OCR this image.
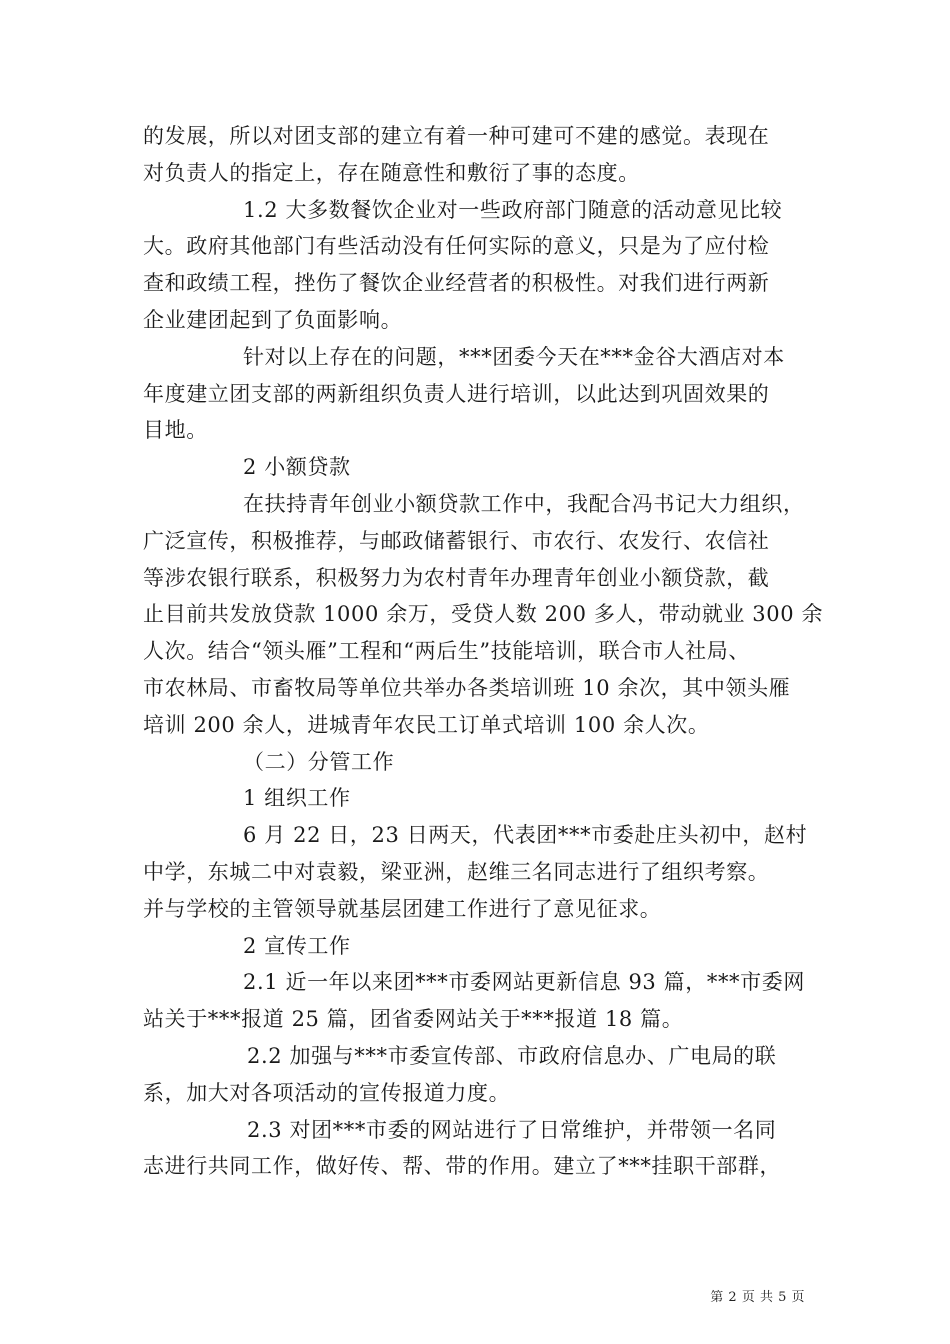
的发展，所以对团支部的建立有着一种可建可不建的感觉。表现在

对负责人的指定上，存在随意性和敷衍了事的态度。

1.2 大多数餐饮企业对一些政府部门随意的活动意见比较

大。政府其他部门有些活动没有任何实际的意义，只是为了应付检

查和政绩工程，挫伤了餐饮企业经营者的积极性。对我们进行两新

企业建团起到了负面影响。

针对以上存在的问题，***团委今天在***金谷大酒店对本

年度建立团支部的两新组织负责人进行培训，以此达到巩固效果的

目地。

2 小额贷款

在扶持青年创业小额贷款工作中，我配合冯书记大力组织，

广泛宣传，积极推荐，与邮政储蓄银行、市农行、农发行、农信社

等涉农银行联系，积极努力为农村青年办理青年创业小额贷款，截

止目前共发放贷款 1000 余万，受贷人数 200 多人，带动就业 300 余

人次。结合“领头雁”工程和“两后生”技能培训，联合市人社局、

市农林局、市畜牧局等单位共举办各类培训班 10 余次，其中领头雁

培训 200 余人，进城青年农民工订单式培训 100 余人次。

（二）分管工作

1 组织工作

6 月 22 日，23 日两天，代表团***市委赴庄头初中，赵村

中学，东城二中对袁毅，梁亚洲，赵维三名同志进行了组织考察。

并与学校的主管领导就基层团建工作进行了意见征求。

2 宣传工作

2.1 近一年以来团***市委网站更新信息 93 篇，***市委网

站关于***报道 25 篇，团省委网站关于***报道 18 篇。

2.2 加强与***市委宣传部、市政府信息办、广电局的联

系，加大对各项活动的宣传报道力度。

2.3 对团***市委的网站进行了日常维护，并带领一名同

志进行共同工作，做好传、帮、带的作用。建立了***挂职干部群，

第 2 页 共 5 页
